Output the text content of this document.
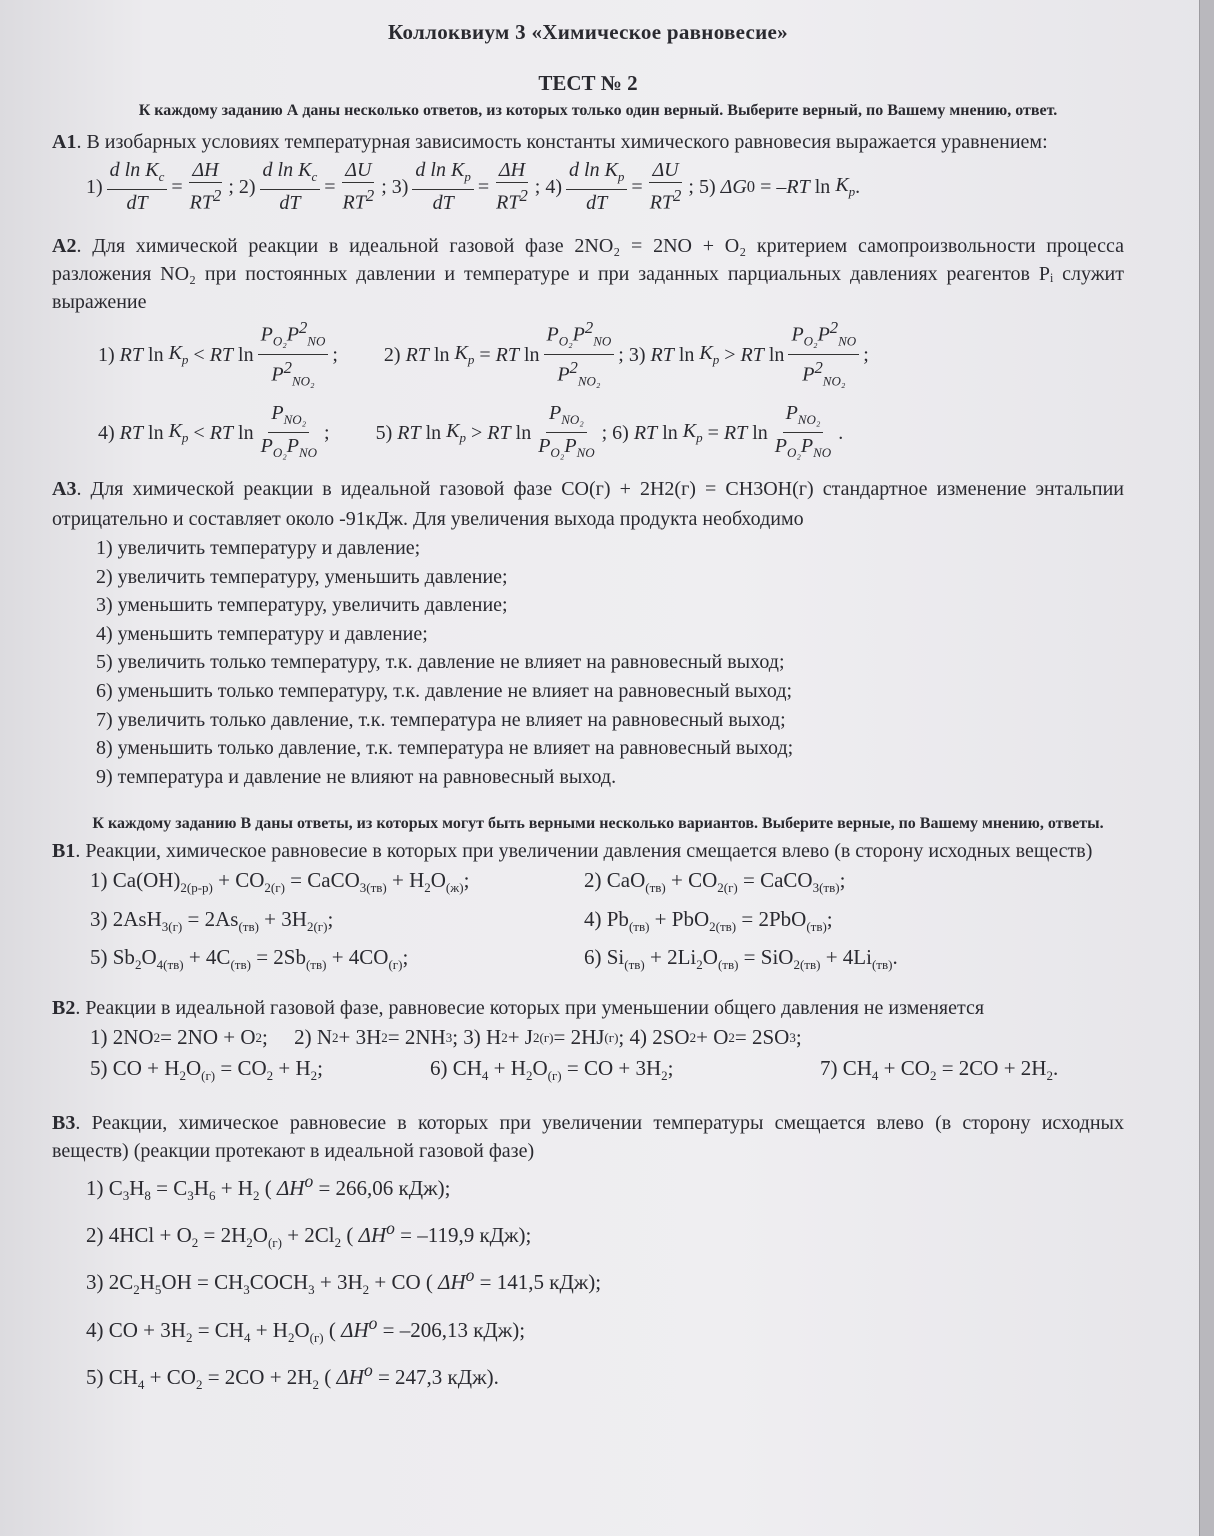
Коллоквиум 3 «Химическое равновесие»
ТЕСТ № 2
К каждому заданию А даны несколько ответов, из которых только один верный. Выберите верный, по Вашему мнению, ответ.
А1. В изобарных условиях температурная зависимость константы химического равновесия выражается уравнением:
1)
d $\ln K_c$
dT
=
ΔH
$RT^2$ ; 2)
d $\ln K_c$
dT
=
ΔU
$RT^2$ ; 3)
d $\ln K_p$
dT
=
ΔH
$RT^2$ ; 4)
d $\ln K_p$
dT
=
ΔU
$RT^2$ ; 5)
ΔG 0 = – RT $\ln K_p$ .
А2. Для химической реакции в идеальной газовой фазе 2NO₂ = 2NO + O₂ критерием самопроизвольности процесса разложения NO₂ при постоянных давлении и температуре и при заданных парциальных давлениях реагентов Pᵢ служит выражение
1) RT $\ln K_p$ < RT ln
$P_{O_2}P^2_{NO}$
$P^2_{NO_2}$
;
2) RT $\ln K_p$ = RT ln
$P_{O_2}P^2_{NO}$
$P^2_{NO_2}$
; 3) RT $\ln K_p$ > RT ln
$P_{O_2}P^2_{NO}$
$P^2_{NO_2}$
;
4) RT $\ln K_p$ < RT ln
$P_{NO_2}$
$P_{O_2}P_{NO}$
;
5) RT $\ln K_p$ > RT ln
$P_{NO_2}$
$P_{O_2}P_{NO}$
; 6) RT $\ln K_p$ = RT ln
$P_{NO_2}$
$P_{O_2}P_{NO}$
.
А3. Для химической реакции в идеальной газовой фазе CO(г) + 2H2(г) = CH3OH(г) стандартное изменение энтальпии отрицательно и составляет около -91кДж. Для увеличения выхода продукта необходимо
1) увеличить температуру и давление;
2) увеличить температуру, уменьшить давление;
3) уменьшить температуру, увеличить давление;
4) уменьшить температуру и давление;
5) увеличить только температуру, т.к. давление не влияет на равновесный выход;
6) уменьшить только температуру, т.к. давление не влияет на равновесный выход;
7) увеличить только давление, т.к. температура не влияет на равновесный выход;
8) уменьшить только давление, т.к. температура не влияет на равновесный выход;
9) температура и давление не влияют на равновесный выход.
К каждому заданию В даны ответы, из которых могут быть верными несколько вариантов. Выберите верные, по Вашему мнению, ответы.
В1. Реакции, химическое равновесие в которых при увеличении давления смещается влево (в сторону исходных веществ)
1) $Ca(OH)_{2(р-р)} + CO_{2(г)}$ = CaCO$_{3(тв)}$ + $H_2O_{(ж)}$;	2) $CaO_{(тв)} + CO_{2(г)}$ = CaCO$_{3(тв)}$;
3) $2AsH_{3(г)} = 2As_{(тв)} + 3H_{2(г)}$;	4) $Pb_{(тв)} + PbO_{2(тв)} = 2PbO_{(тв)}$;
5) $Sb_2O_{4(тв)} + 4C_{(тв)} = 2Sb_{(тв)} + 4CO_{(г)}$;	6) $Si_{(тв)} + 2Li_2O_{(тв)} = SiO_{2(тв)} + 4Li_{(тв)}$.
В2. Реакции в идеальной газовой фазе, равновесие которых при уменьшении общего давления не изменяется
1) 2NO 2 = 2NO + O 2 ;     2) N 2 + 3H 2 = 2NH 3 ; 3) H 2 + J 2(г) = 2HJ (г) ; 4) 2SO 2 + O 2 = 2SO 3 ;
5) CO + $H_2O_{(г)} = CO_2 + H_2$;	6) $CH_4 + H_2O_{(г)}$ = CO + $3H_2$;	7) $CH_4 + CO_2 = 2CO + 2H_2$.
В3. Реакции, химическое равновесие в которых при увеличении температуры смещается влево (в сторону исходных веществ) (реакции протекают в идеальной газовой фазе)
1) $C_3H_8 = C_3H_6 + H_2$ ( $\Delta H^o = 266,06$ кДж);
2) $4HCl + O_2 = 2H_2O_{(г)} + 2Cl_2$ ( $\Delta H^o = -119,9$ кДж);
3) $2C_2H_5OH$ = $CH_3COCH_3 + 3H_2$ + CO ( $\Delta H^o = 141,5$ кДж);
4) CO + $3H_2 = CH_4 + H_2O_{(г)}$ ( $\Delta H^o = -206,13$ кДж);
5) $CH_4 + CO_2 = 2CO + 2H_2$ ( $\Delta H^o = 247,3$ кДж).
